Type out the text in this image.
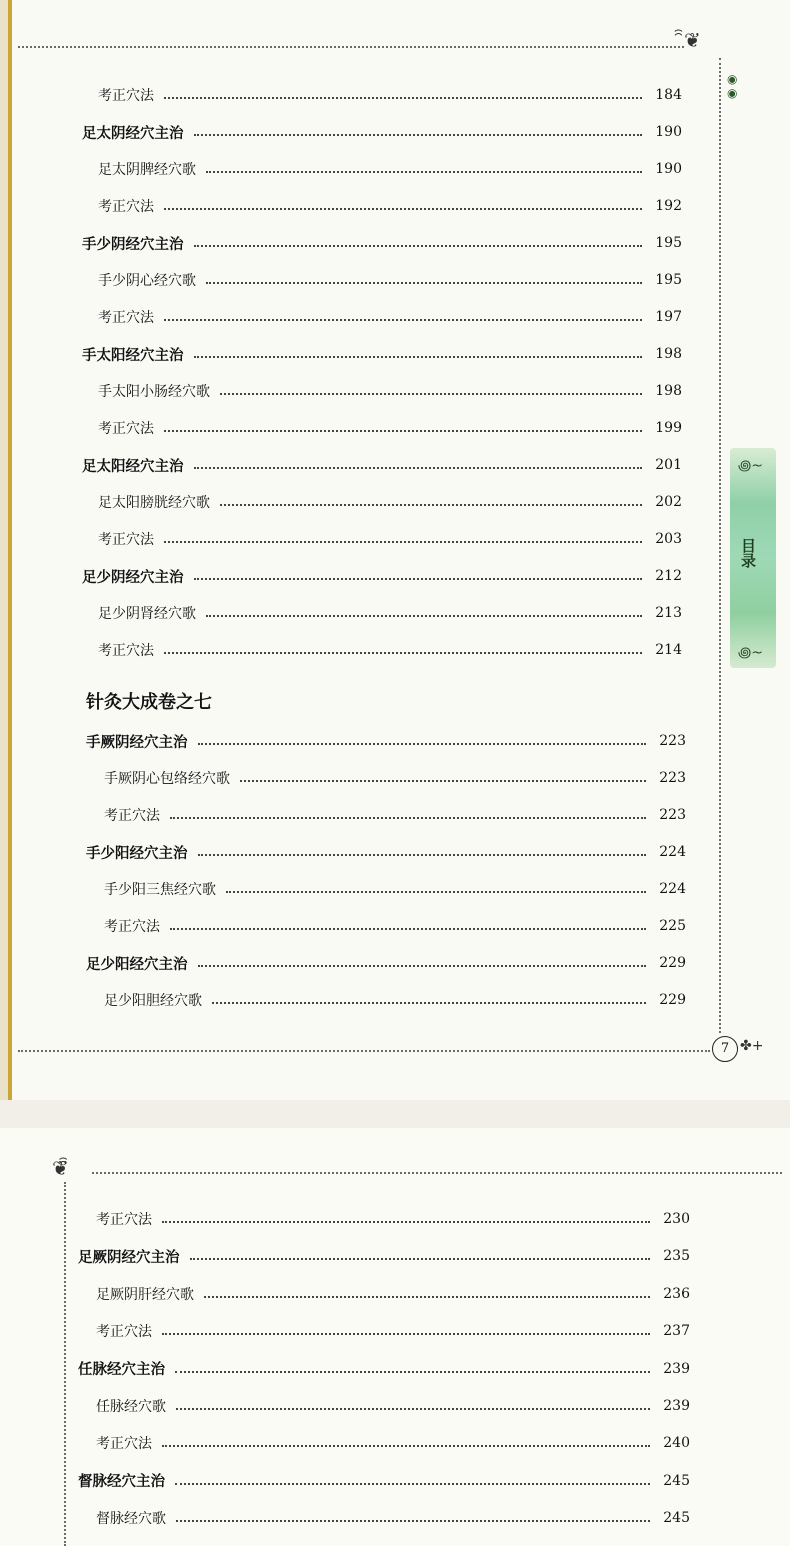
ꩰ❦
◉
◉
꩜~
目录
꩜~
7 ✤+
考正穴法	184
足太阴经穴主治	190
足太阴脾经穴歌	190
考正穴法	192
手少阴经穴主治	195
手少阴心经穴歌	195
考正穴法	197
手太阳经穴主治	198
手太阳小肠经穴歌	198
考正穴法	199
足太阳经穴主治	201
足太阳膀胱经穴歌	202
考正穴法	203
足少阴经穴主治	212
足少阴肾经穴歌	213
考正穴法	214
针灸大成卷之七
手厥阴经穴主治	223
手厥阴心包络经穴歌	223
考正穴法	223
手少阳经穴主治	224
手少阳三焦经穴歌	224
考正穴法	225
足少阳经穴主治	229
足少阳胆经穴歌	229
❦ꩰ
考正穴法	230
足厥阴经穴主治	235
足厥阴肝经穴歌	236
考正穴法	237
任脉经穴主治	239
任脉经穴歌	239
考正穴法	240
督脉经穴主治	245
督脉经穴歌	245
